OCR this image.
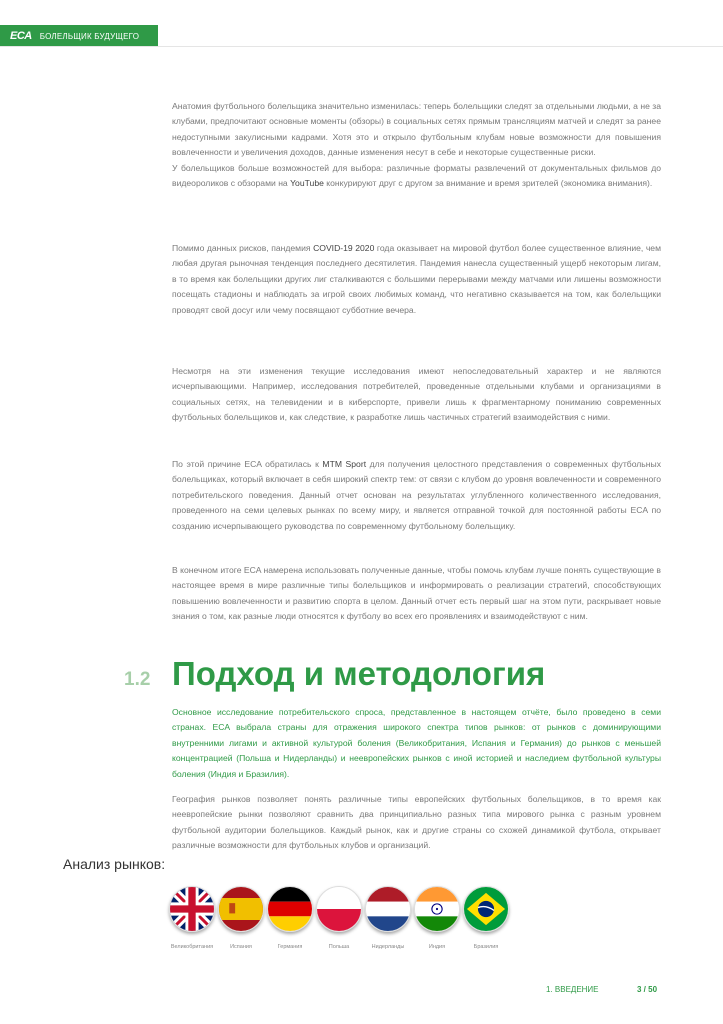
ECA БОЛЕЛЬЩИК БУДУЩЕГО

Анатомия футбольного болельщика значительно изменилась: теперь болельщики следят за отдельными людьми, а не за клубами, предпочитают основные моменты (обзоры) в социальных сетях прямым трансляциям матчей и следят за ранее недоступными закулисными кадрами. Хотя это и открыло футбольным клубам новые возможности для повышения вовлеченности и увеличения доходов, данные изменения несут в себе и некоторые существенные риски.
У болельщиков больше возможностей для выбора: различные форматы развлечений от документальных фильмов до видеороликов с обзорами на YouTube конкурируют друг с другом за внимание и время зрителей (экономика внимания).

Помимо данных рисков, пандемия COVID-19 2020 года оказывает на мировой футбол более существенное влияние, чем любая другая рыночная тенденция последнего десятилетия. Пандемия нанесла существенный ущерб некоторым лигам, в то время как болельщики других лиг сталкиваются с большими перерывами между матчами или лишены возможности посещать стадионы и наблюдать за игрой своих любимых команд, что негативно сказывается на том, как болельщики проводят свой досуг или чему посвящают субботние вечера.

Несмотря на эти изменения текущие исследования имеют непоследовательный характер и не являются исчерпывающими. Например, исследования потребителей, проведенные отдельными клубами и организациями в социальных сетях, на телевидении и в киберспорте, привели лишь к фрагментарному пониманию современных футбольных болельщиков и, как следствие, к разработке лишь частичных стратегий взаимодействия с ними.

По этой причине ECA обратилась к MTM Sport для получения целостного представления о современных футбольных болельщиках, который включает в себя широкий спектр тем: от связи с клубом до уровня вовлеченности и современного потребительского поведения. Данный отчет основан на результатах углубленного количественного исследования, проведенного на семи целевых рынках по всему миру, и является отправной точкой для постоянной работы ECA по созданию исчерпывающего руководства по современному футбольному болельщику.

В конечном итоге ECA намерена использовать полученные данные, чтобы помочь клубам лучше понять существующие в настоящее время в мире различные типы болельщиков и информировать о реализации стратегий, способствующих повышению вовлеченности и развитию спорта в целом. Данный отчет есть первый шаг на этом пути, раскрывает новые знания о том, как разные люди относятся к футболу во всех его проявлениях и взаимодействуют с ним.

1.2 Подход и методология

Основное исследование потребительского спроса, представленное в настоящем отчёте, было проведено в семи странах. ECA выбрала страны для отражения широкого спектра типов рынков: от рынков с доминирующими внутренними лигами и активной культурой боления (Великобритания, Испания и Германия) до рынков с меньшей концентрацией (Польша и Нидерланды) и неевропейских рынков с иной историей и наследием футбольной культуры боления (Индия и Бразилия).

География рынков позволяет понять различные типы европейских футбольных болельщиков, в то время как неевропейские рынки позволяют сравнить два принципиально разных типа мирового рынка с разным уровнем футбольной аудитории болельщиков. Каждый рынок, как и другие страны со схожей динамикой футбола, открывает различные возможности для футбольных клубов и организаций.

Анализ рынков:
Великобритания	Испания	Германия	Польша	Нидерланды	Индия	Бразилия
1. ВВЕДЕНИЕ	3 / 50
